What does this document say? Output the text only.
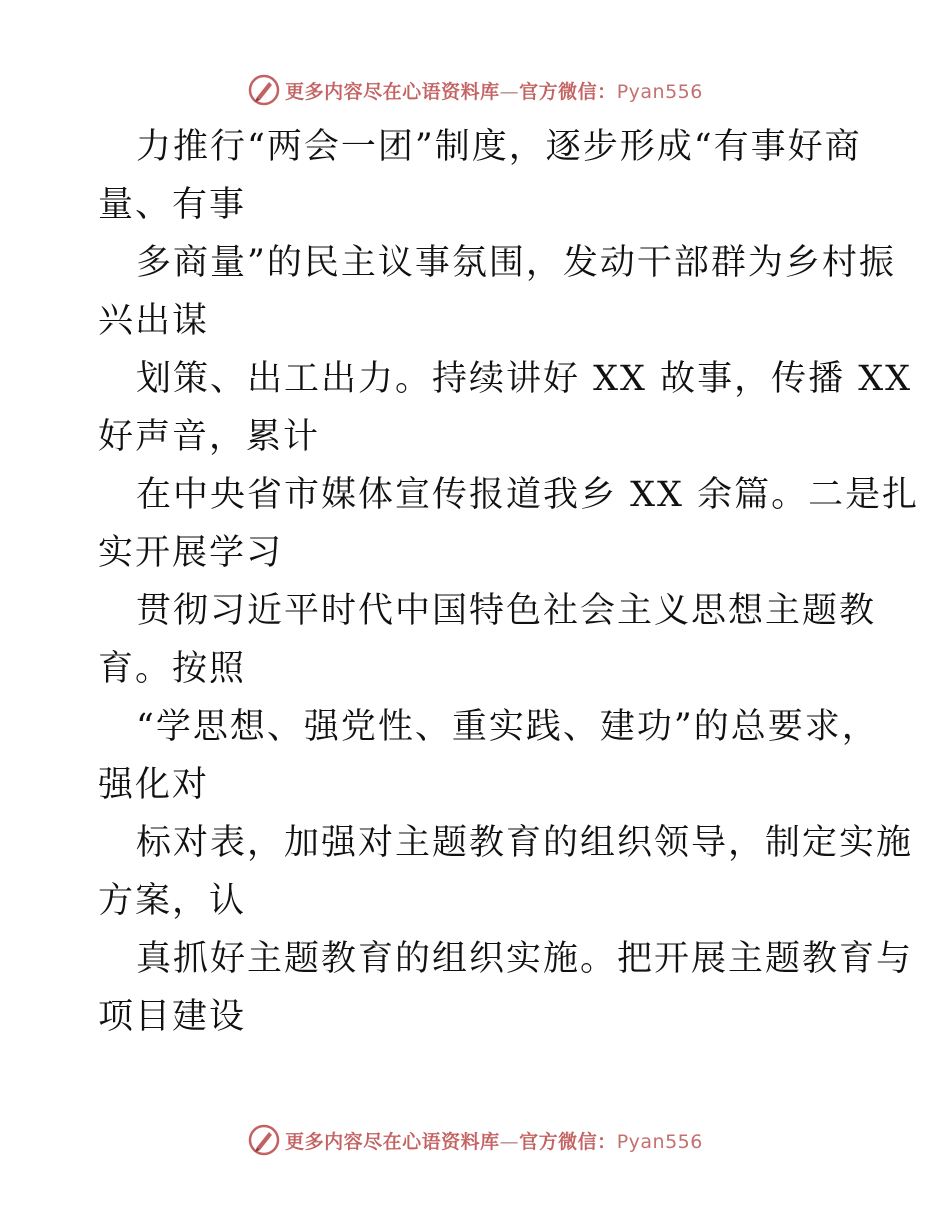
更多内容尽在心语资料库—官方微信：Pyan556
力推行“两会一团”制度，逐步形成“有事好商
量、有事
多商量”的民主议事氛围，发动干部群为乡村振
兴出谋
划策、出工出力。持续讲好 XX 故事，传播 XX
好声音，累计
在中央省市媒体宣传报道我乡 XX 余篇。二是扎
实开展学习
贯彻习近平时代中国特色社会主义思想主题教
育。按照
“学思想、强党性、重实践、建功”的总要求，
强化对
标对表，加强对主题教育的组织领导，制定实施
方案，认
真抓好主题教育的组织实施。把开展主题教育与
项目建设
更多内容尽在心语资料库—官方微信：Pyan556
